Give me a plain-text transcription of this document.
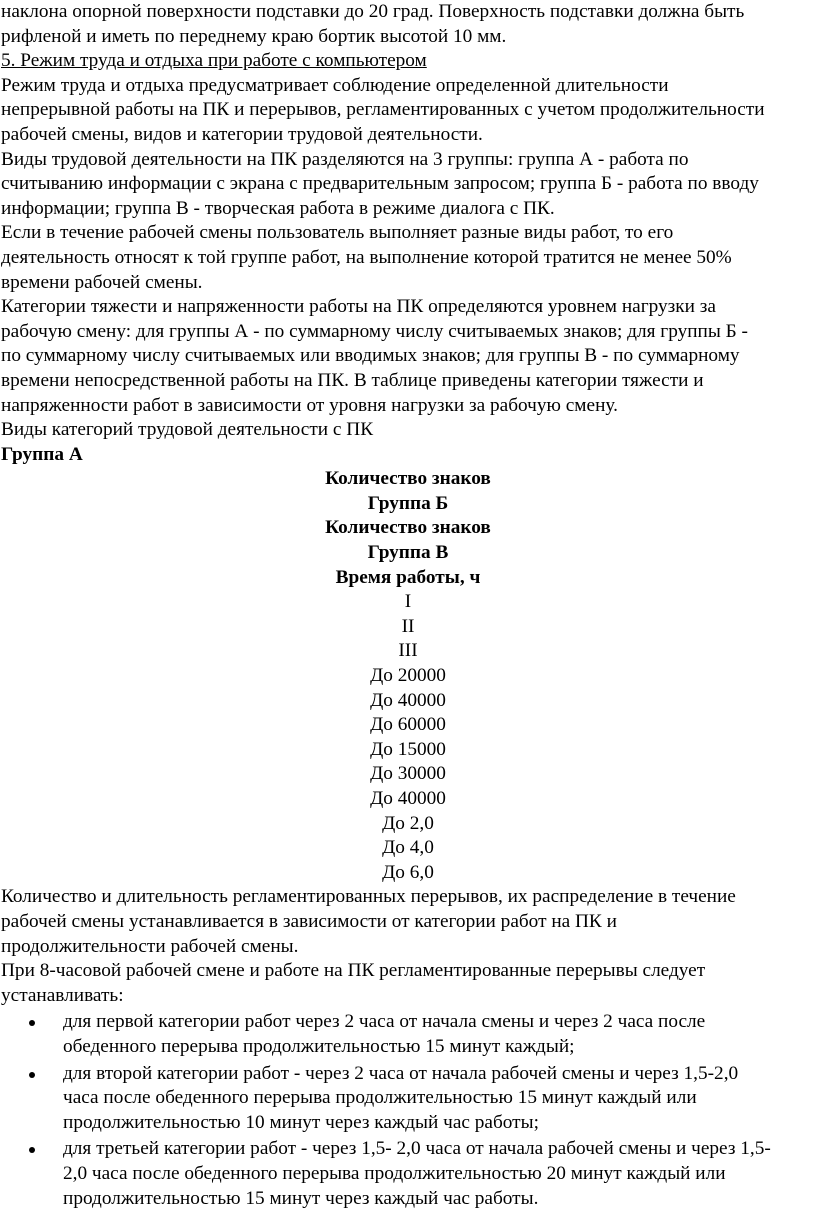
наклона опорной поверхности подставки до 20 град. Поверхность подставки должна быть
рифленой и иметь по переднему краю бортик высотой 10 мм.
5. Режим труда и отдыха при работе с компьютером
Режим труда и отдыха предусматривает соблюдение определенной длительности
непрерывной работы на ПК и перерывов, регламентированных с учетом продолжительности
рабочей смены, видов и категории трудовой деятельности.
Виды трудовой деятельности на ПК разделяются на 3 группы: группа А - работа по
считыванию информации с экрана с предварительным запросом; группа Б - работа по вводу
информации; группа В - творческая работа в режиме диалога с ПК.
Если в течение рабочей смены пользователь выполняет разные виды работ, то его
деятельность относят к той группе работ, на выполнение которой тратится не менее 50%
времени рабочей смены.
Категории тяжести и напряженности работы на ПК определяются уровнем нагрузки за
рабочую смену: для группы А - по суммарному числу считываемых знаков; для группы Б -
по суммарному числу считываемых или вводимых знаков; для группы В - по суммарному
времени непосредственной работы на ПК. В таблице приведены категории тяжести и
напряженности работ в зависимости от уровня нагрузки за рабочую смену.
Виды категорий трудовой деятельности с ПК
Группа А
Количество знаков
Группа Б
Количество знаков
Группа В
Время работы, ч
I
II
III
До 20000
До 40000
До 60000
До 15000
До 30000
До 40000
До 2,0
До 4,0
До 6,0
Количество и длительность регламентированных перерывов, их распределение в течение
рабочей смены устанавливается в зависимости от категории работ на ПК и
продолжительности рабочей смены.
При 8-часовой рабочей смене и работе на ПК регламентированные перерывы следует
устанавливать:
для первой категории работ через 2 часа от начала смены и через 2 часа после
обеденного перерыва продолжительностью 15 минут каждый;
для второй категории работ - через 2 часа от начала рабочей смены и через 1,5-2,0
часа после обеденного перерыва продолжительностью 15 минут каждый или
продолжительностью 10 минут через каждый час работы;
для третьей категории работ - через 1,5- 2,0 часа от начала рабочей смены и через 1,5-
2,0 часа после обеденного перерыва продолжительностью 20 минут каждый или
продолжительностью 15 минут через каждый час работы.
